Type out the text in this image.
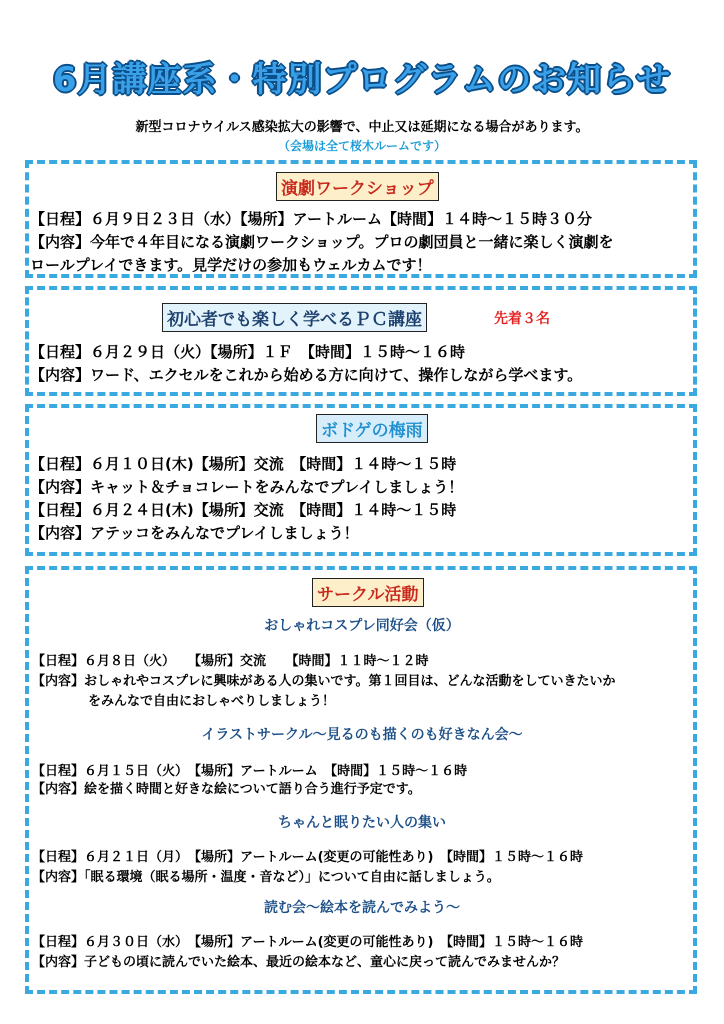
6月講座系・特別プログラムのお知らせ
新型コロナウイルス感染拡大の影響で、中止又は延期になる場合があります。
（会場は全て桜木ルームです）
演劇ワークショップ
【日程】６月９日２３日（水）【場所】アートルーム【時間】１４時～１５時３０分
【内容】今年で４年目になる演劇ワークショップ。プロの劇団員と一緒に楽しく演劇を
ロールプレイできます。見学だけの参加もウェルカムです！
初心者でも楽しく学べるＰＣ講座	先着３名
【日程】６月２９日（火）【場所】１Ｆ　【時間】１５時～１６時
【内容】ワード、エクセルをこれから始める方に向けて、操作しながら学べます。
ボドゲの梅雨
【日程】６月１０日(木)【場所】交流　【時間】１４時～１５時
【内容】キャット＆チョコレートをみんなでプレイしましょう！
【日程】６月２４日(木)【場所】交流　【時間】１４時～１５時
【内容】アテッコをみんなでプレイしましょう！
サークル活動
おしゃれコスプレ同好会（仮）
【日程】６月８日（火）　　【場所】交流　　【時間】１１時～１２時
【内容】おしゃれやコスプレに興味がある人の集いです。第１回目は、どんな活動をしていきたいか
をみんなで自由におしゃべりしましょう！
イラストサークル～見るのも描くのも好きなん会～
【日程】６月１５日（火）　【場所】アートルーム　【時間】１５時～１６時
【内容】絵を描く時間と好きな絵について語り合う進行予定です。
ちゃんと眠りたい人の集い
【日程】６月２１日（月）　【場所】アートルーム(変更の可能性あり)　【時間】１５時～１６時
【内容】「眠る環境（眠る場所・温度・音など）」について自由に話しましょう。
読む会～絵本を読んでみよう～
【日程】６月３０日（水）　【場所】アートルーム(変更の可能性あり)　【時間】１５時～１６時
【内容】子どもの頃に読んでいた絵本、最近の絵本など、童心に戻って読んでみませんか？
